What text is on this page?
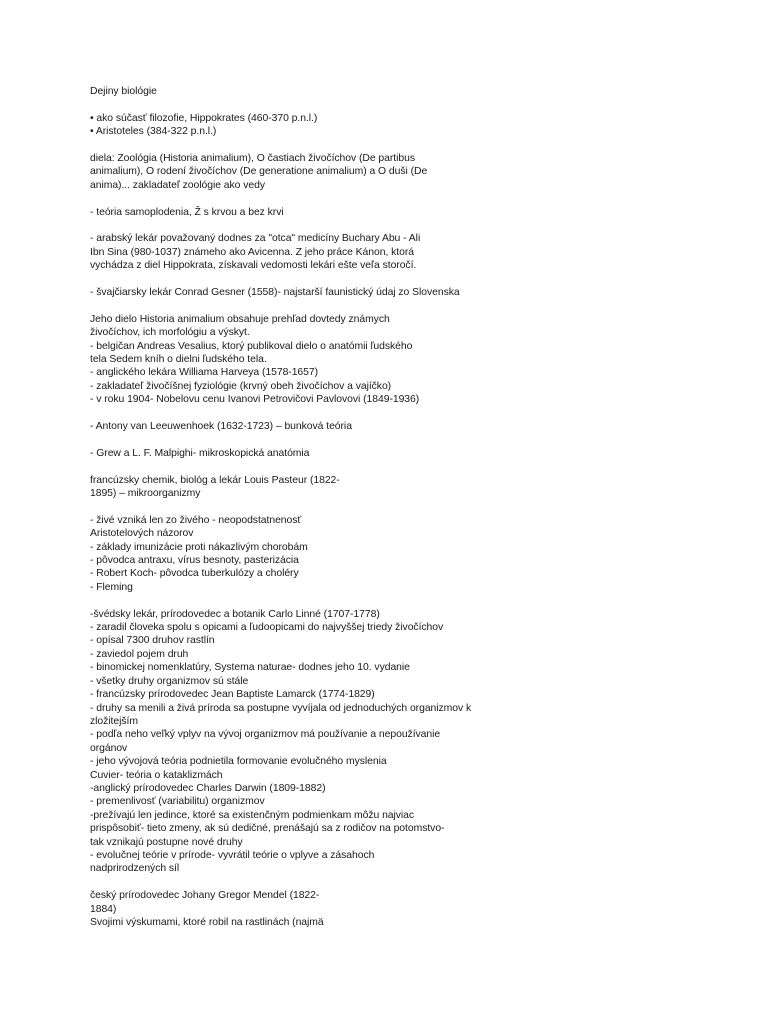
Dejiny biológie

• ako súčasť filozofie, Hippokrates (460-370 p.n.l.)

• Aristoteles (384-322 p.n.l.)

diela: Zoológia (Historia animalium), O častiach živočíchov (De partibus

animalium), O rodení živočíchov (De generatione animalium) a O duši (De

anima)... zakladateľ zoológie ako vedy

- teória samoplodenia, Ž s krvou a bez krvi

- arabský lekár považovaný dodnes za "otca" medicíny Buchary Abu - Ali

Ibn Sina (980-1037) známeho ako Avicenna. Z jeho práce Kánon, ktorá

vychádza z diel Hippokrata, získavali vedomosti lekári ešte veľa storočí.

- švajčiarsky lekár Conrad Gesner (1558)- najstarší faunistický údaj zo Slovenska

Jeho dielo Historia animalium obsahuje prehľad dovtedy známych

živočíchov, ich morfológiu a výskyt.

- belgičan Andreas Vesalius, ktorý publikoval dielo o anatómii ľudského

tela Sedem kníh o dielni ľudského tela.

- anglického lekára Williama Harveya (1578-1657)

- zakladateľ živočíšnej fyziológie (krvný obeh živočíchov a vajíčko)

- v roku 1904- Nobelovu cenu Ivanovi Petrovičovi Pavlovovi (1849-1936)

- Antony van Leeuwenhoek (1632-1723) – bunková teória

- Grew a L. F. Malpighi- mikroskopická anatómia

francúzsky chemik, biológ a lekár Louis Pasteur (1822-

1895) – mikroorganizmy

- živé vzniká len zo živého - neopodstatnenosť

Aristotelových názorov

- základy imunizácie proti nákazlivým chorobám

- pôvodca antraxu, vírus besnoty, pasterizácia

- Robert Koch- pôvodca tuberkulózy a choléry

- Fleming

-švédsky lekár, prírodovedec a botanik Carlo Linné (1707-1778)

- zaradil človeka spolu s opicami a ľudoopicami do najvyššej triedy živočíchov

- opísal 7300 druhov rastlín

- zaviedol pojem druh

- binomickej nomenklatúry, Systema naturae- dodnes jeho 10. vydanie

- všetky druhy organizmov sú stále

- francúzsky prírodovedec Jean Baptiste Lamarck (1774-1829)

- druhy sa menili a živá príroda sa postupne vyvíjala od jednoduchých organizmov k

zložitejším

- podľa neho veľký vplyv na vývoj organizmov má používanie a nepoužívanie

orgánov

- jeho vývojová teória podnietila formovanie evolučného myslenia

Cuvier- teória o kataklizmách

-anglický prírodovedec Charles Darwin (1809-1882)

- premenlivosť (variabilitu) organizmov

-prežívajú len jedince, ktoré sa existenčným podmienkam môžu najviac

prispôsobiť- tieto zmeny, ak sú dedičné, prenášajú sa z rodičov na potomstvo-

tak vznikajú postupne nové druhy

- evolučnej teórie v prírode- vyvrátil teórie o vplyve a zásahoch

nadprirodzených síl

český prírodovedec Johany Gregor Mendel (1822-

1884)

Svojimi výskumami, ktoré robil na rastlinách (najmä
